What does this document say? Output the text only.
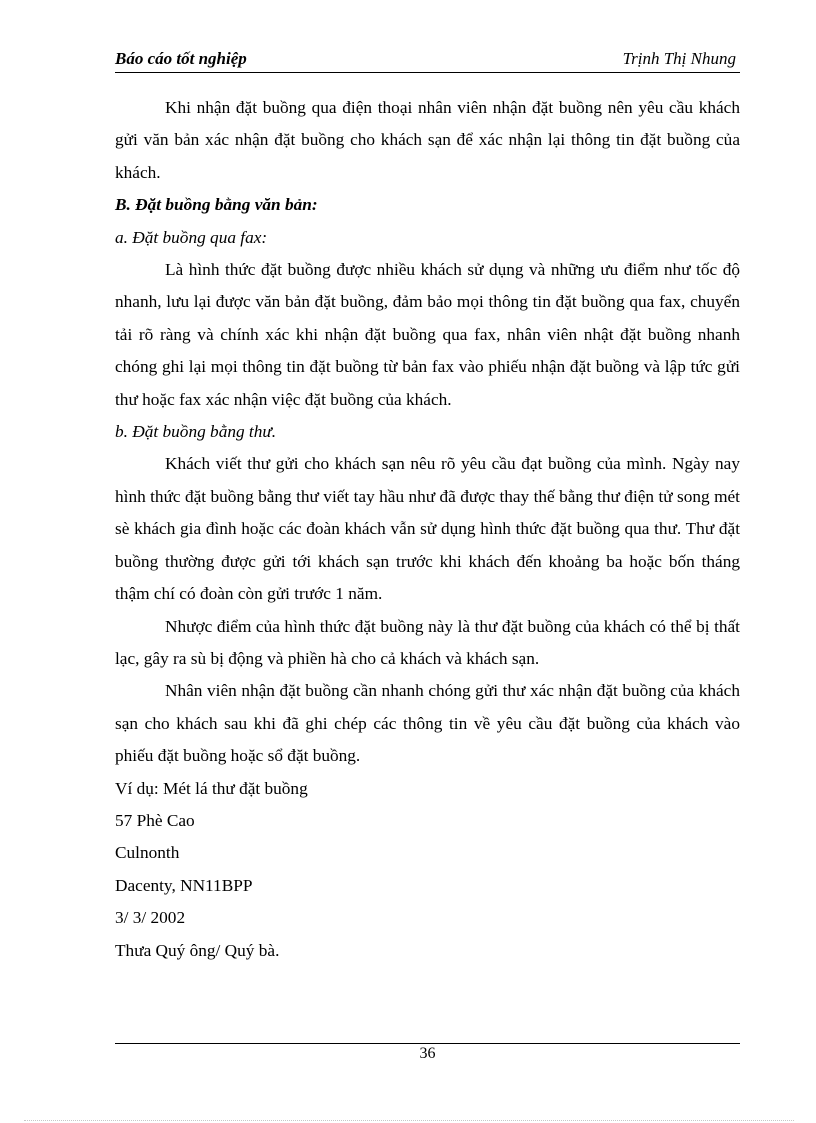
Báo cáo tốt nghiệp	Trịnh Thị Nhung

Khi nhận đặt buồng qua điện thoại nhân viên nhận đặt buồng nên yêu cầu khách gửi văn bản xác nhận đặt buồng cho khách sạn để xác nhận lại thông tin đặt buồng của khách.

B. Đặt buồng bằng văn bản:

a. Đặt buồng qua fax:

Là hình thức đặt buồng được nhiều khách sử dụng và những ưu điểm như tốc độ nhanh, lưu lại được văn bản đặt buồng, đảm bảo mọi thông tin đặt buồng qua fax, chuyển tải rõ ràng và chính xác khi nhận đặt buồng qua fax, nhân viên nhật đặt buồng nhanh chóng ghi lại mọi thông tin đặt buồng từ bản fax vào phiếu nhận đặt buồng và lập tức gửi thư hoặc fax xác nhận việc đặt buồng của khách.

b. Đặt buồng bằng thư.

Khách viết thư gửi cho khách sạn nêu rõ yêu cầu đạt buồng của mình. Ngày nay hình thức đặt buồng bằng thư viết tay hầu như đã được thay thế bằng thư điện tử song mét sè khách gia đình hoặc các đoàn khách vẫn sử dụng hình thức đặt buồng qua thư. Thư đặt buồng thường được gửi tới khách sạn trước khi khách đến khoảng ba hoặc bốn tháng thậm chí có đoàn còn gửi trước 1 năm.

Nhược điểm của hình thức đặt buồng này là thư đặt buồng của khách có thể bị thất lạc, gây ra sù bị động và phiền hà cho cả khách và khách sạn.

Nhân viên nhận đặt buồng cần nhanh chóng gửi thư xác nhận đặt buồng của khách sạn cho khách sau khi đã ghi chép các thông tin về yêu cầu đặt buồng của khách vào phiếu đặt buồng hoặc sổ đặt buồng.

Ví dụ: Mét lá thư đặt buồng

57 Phè Cao

Culnonth

Dacenty, NN11BPP

3/ 3/ 2002

Thưa Quý ông/ Quý bà.

36
